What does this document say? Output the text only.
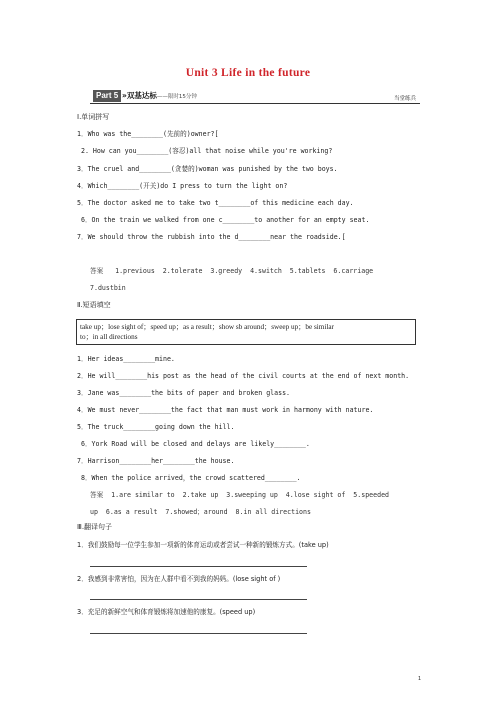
Unit 3 Life in the future
Part 5 »双基达标——限时15分钟	当堂练兵
Ⅰ.单词拼写
1．Who was the________(先前的)owner?[
2. How can you________(容忍)all that noise while you're working?
3．The cruel and________(贪婪的)woman was punished by the two boys.
4．Which________(开关)do I press to turn the light on?
5．The doctor asked me to take two t________of this medicine each day.
6．On the train we walked from one c________to another for an empty seat.
7．We should throw the rubbish into the d________near the roadside.[
答案   1.previous  2.tolerate  3.greedy  4.switch  5.tablets  6.carriage
7.dustbin
Ⅱ.短语填空
take up；lose sight of；speed up；as a result；show sb around；sweep up；be similar
to；in all directions
1．Her ideas________mine.
2．He will________his post as the head of the civil courts at the end of next month.
3．Jane was________the bits of paper and broken glass.
4．We must never________the fact that man must work in harmony with nature.
5．The truck________going down the hill.
6．York Road will be closed and delays are likely________.
7．Harrison________her________the house.
8．When the police arrived，the crowd scattered________.
答案  1.are similar to  2.take up  3.sweeping up  4.lose sight of  5.speeded
up  6.as a result  7.showed；around  8.in all directions
Ⅲ.翻译句子
1．我们鼓励每一位学生参加一项新的体育运动或者尝试一种新的锻炼方式。(take up)
2．我感到非常害怕，因为在人群中看不到我的妈妈。(lose sight of )
3．充足的新鲜空气和体育锻炼将加速他的康复。(speed up)
1
